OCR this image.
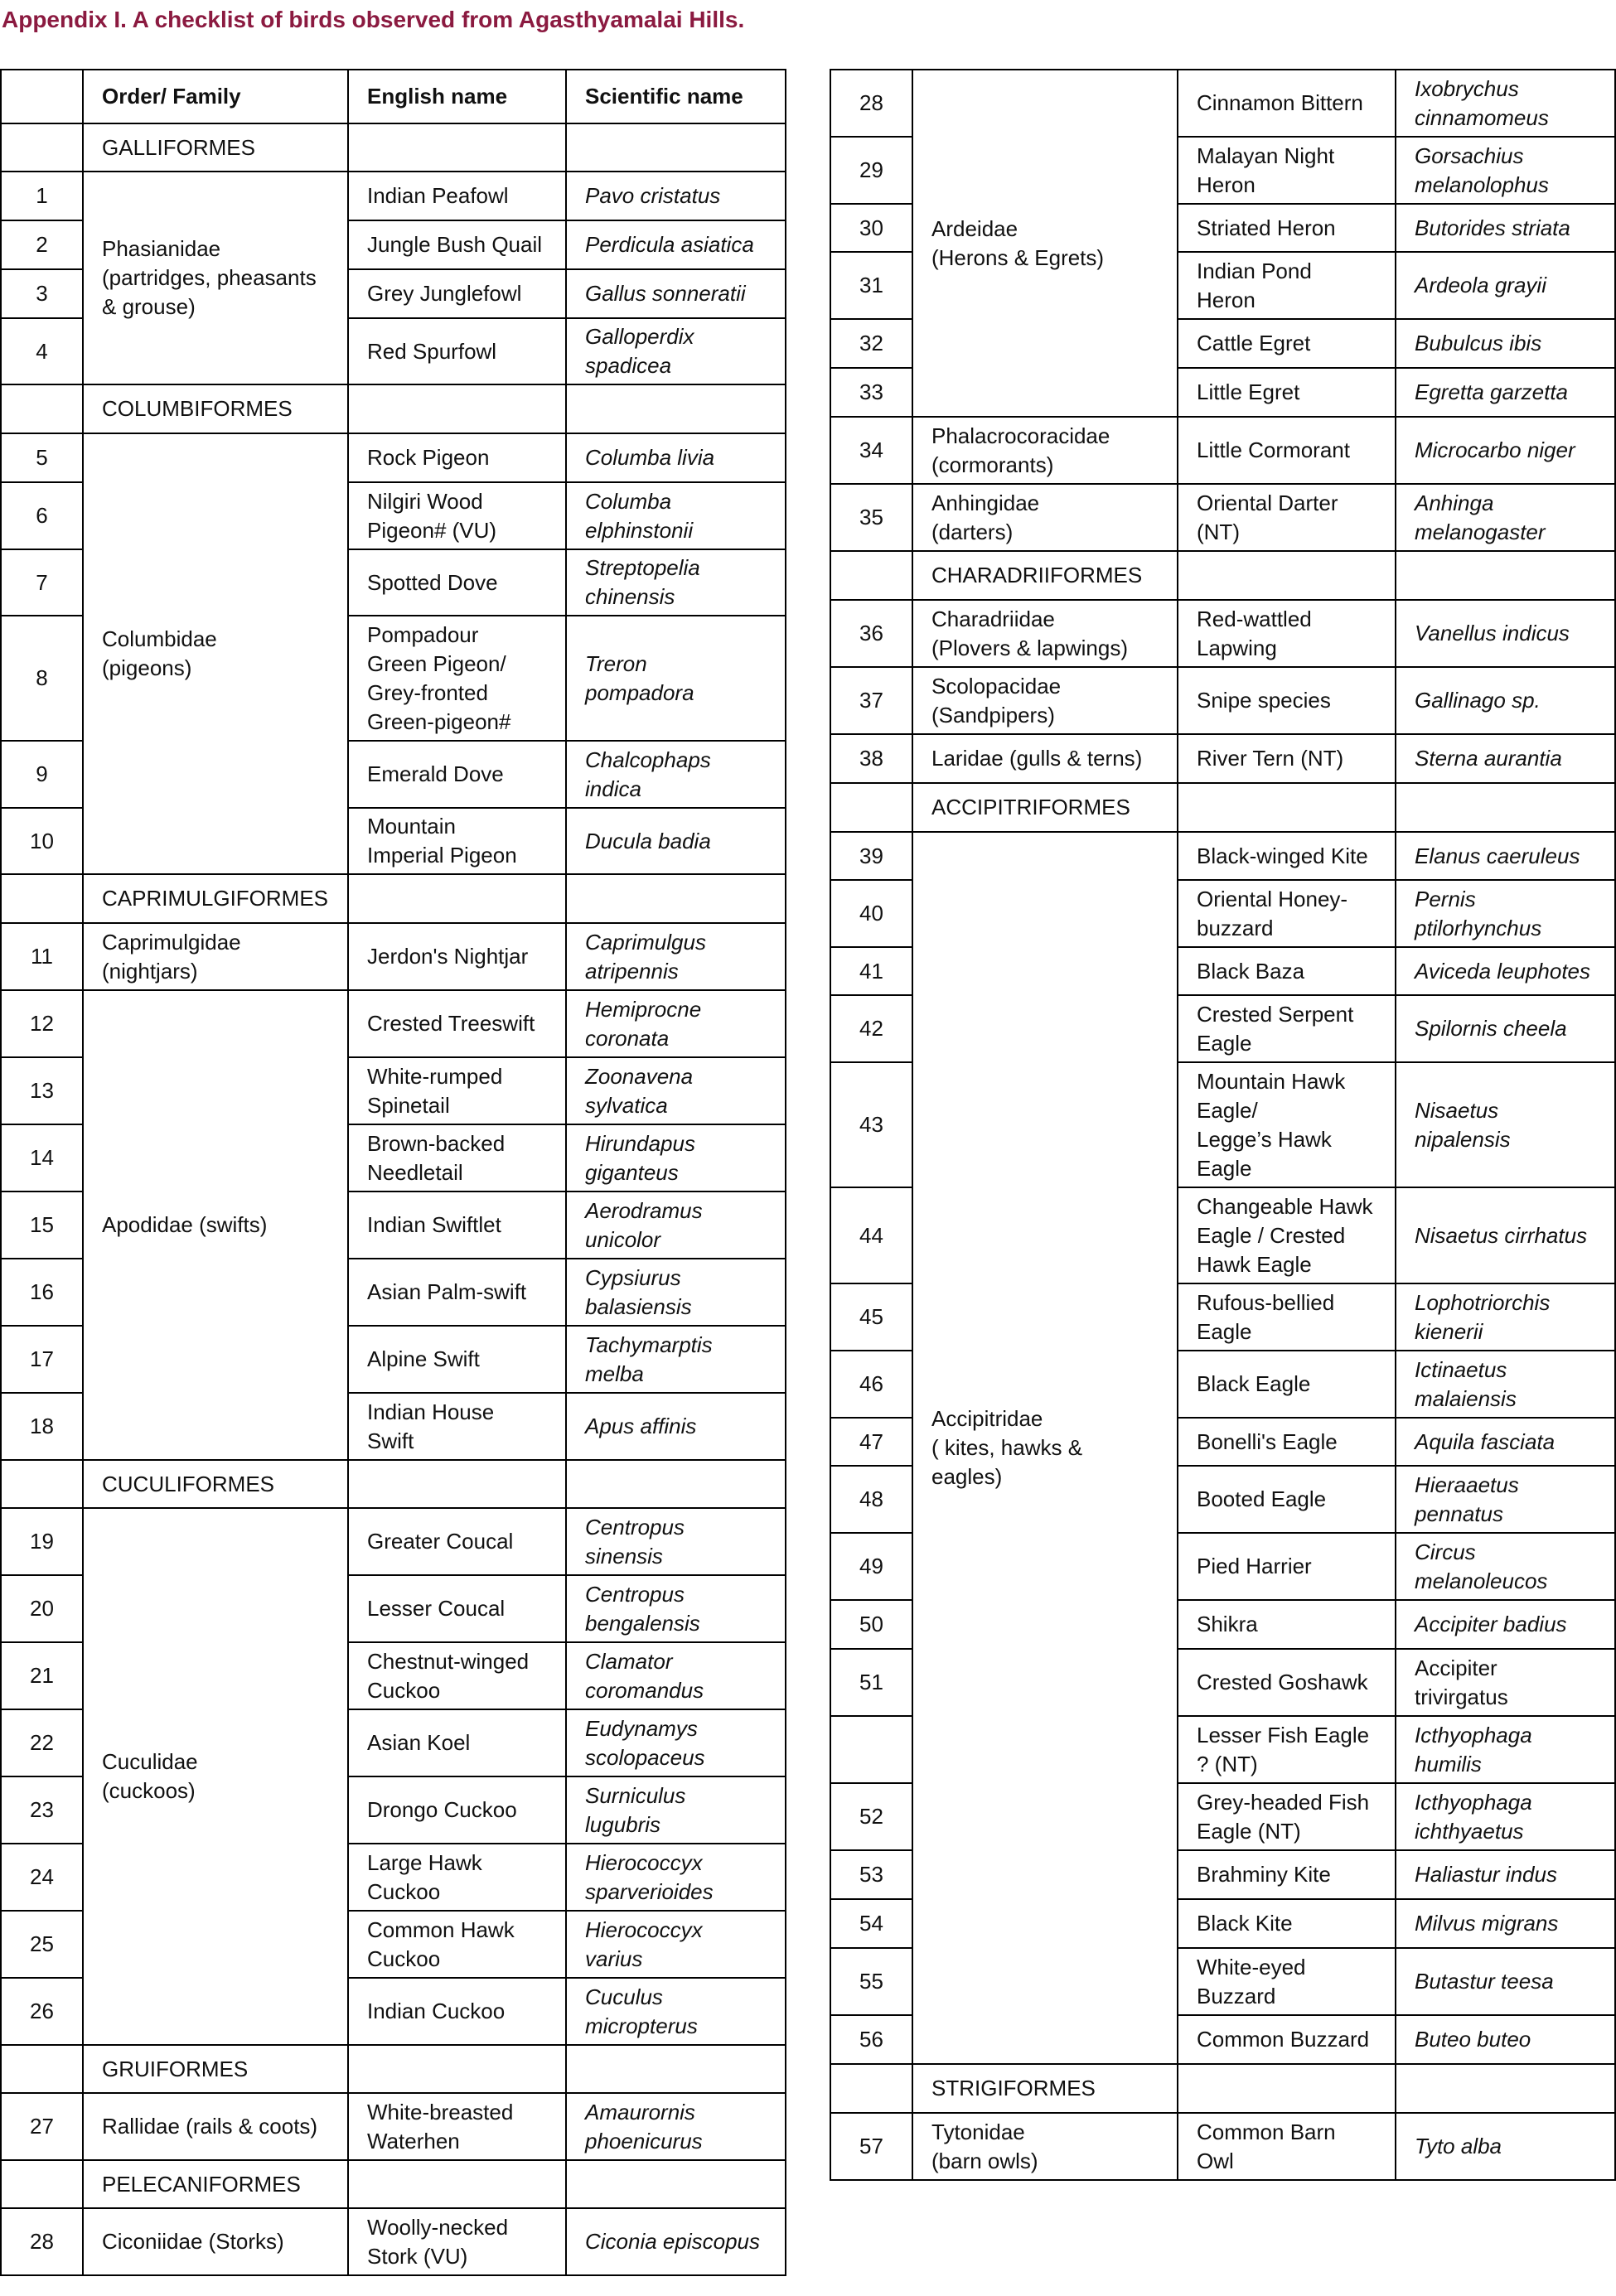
Appendix I. A checklist of birds observed from Agasthyamalai Hills.
	Order/ Family	English name	Scientific name
	GALLIFORMES		
1	Phasianidae
(partridges, pheasants
& grouse)	Indian Peafowl	Pavo cristatus
2		Jungle Bush Quail	Perdicula asiatica
3		Grey Junglefowl	Gallus sonneratii
4		Red Spurfowl	Galloperdix
spadicea
	COLUMBIFORMES		
5	Columbidae
(pigeons)	Rock Pigeon	Columba livia
6		Nilgiri Wood
Pigeon# (VU)	Columba
elphinstonii
7		Spotted Dove	Streptopelia
chinensis
8		Pompadour
Green Pigeon/
Grey-fronted
Green-pigeon#	Treron
pompadora
9		Emerald Dove	Chalcophaps
indica
10		Mountain
Imperial Pigeon	Ducula badia
	CAPRIMULGIFORMES		
11	Caprimulgidae
(nightjars)	Jerdon's Nightjar	Caprimulgus
atripennis
12	Apodidae (swifts)	Crested Treeswift	Hemiprocne
coronata
13		White-rumped
Spinetail	Zoonavena
sylvatica
14		Brown-backed
Needletail	Hirundapus
giganteus
15		Indian Swiftlet	Aerodramus
unicolor
16		Asian Palm-swift	Cypsiurus
balasiensis
17		Alpine Swift	Tachymarptis
melba
18		Indian House
Swift	Apus affinis
	CUCULIFORMES		
19	Cuculidae
(cuckoos)	Greater Coucal	Centropus
sinensis
20		Lesser Coucal	Centropus
bengalensis
21		Chestnut-winged
Cuckoo	Clamator
coromandus
22		Asian Koel	Eudynamys
scolopaceus
23		Drongo Cuckoo	Surniculus
lugubris
24		Large Hawk
Cuckoo	Hierococcyx
sparverioides
25		Common Hawk
Cuckoo	Hierococcyx
varius
26		Indian Cuckoo	Cuculus
micropterus
	GRUIFORMES		
27	Rallidae (rails & coots)	White-breasted
Waterhen	Amaurornis
phoenicurus
	PELECANIFORMES		
28	Ciconiidae (Storks)	Woolly-necked
Stork (VU)	Ciconia episcopus
28	Ardeidae
(Herons & Egrets)	Cinnamon Bittern	Ixobrychus
cinnamomeus
29		Malayan Night
Heron	Gorsachius
melanolophus
30		Striated Heron	Butorides striata
31		Indian Pond
Heron	Ardeola grayii
32		Cattle Egret	Bubulcus ibis
33		Little Egret	Egretta garzetta
34	Phalacrocoracidae
(cormorants)	Little Cormorant	Microcarbo niger
35	Anhingidae
(darters)	Oriental Darter
(NT)	Anhinga
melanogaster
	CHARADRIIFORMES		
36	Charadriidae
(Plovers & lapwings)	Red-wattled
Lapwing	Vanellus indicus
37	Scolopacidae
(Sandpipers)	Snipe species	Gallinago sp.
38	Laridae (gulls & terns)	River Tern (NT)	Sterna aurantia
	ACCIPITRIFORMES		
39	Accipitridae
( kites, hawks &
eagles)	Black-winged Kite	Elanus caeruleus
40		Oriental Honey-
buzzard	Pernis
ptilorhynchus
41		Black Baza	Aviceda leuphotes
42		Crested Serpent
Eagle	Spilornis cheela
43		Mountain Hawk
Eagle/
Legge’s Hawk
Eagle	Nisaetus
nipalensis
44		Changeable Hawk
Eagle / Crested
Hawk Eagle	Nisaetus cirrhatus
45		Rufous-bellied
Eagle	Lophotriorchis
kienerii
46		Black Eagle	Ictinaetus
malaiensis
47		Bonelli's Eagle	Aquila fasciata
48		Booted Eagle	Hieraaetus
pennatus
49		Pied Harrier	Circus
melanoleucos
50		Shikra	Accipiter badius
51		Crested Goshawk	Accipiter
trivirgatus
		Lesser Fish Eagle
? (NT)	Icthyophaga
humilis
52		Grey-headed Fish
Eagle (NT)	Icthyophaga
ichthyaetus
53		Brahminy Kite	Haliastur indus
54		Black Kite	Milvus migrans
55		White-eyed
Buzzard	Butastur teesa
56		Common Buzzard	Buteo buteo
	STRIGIFORMES		
57	Tytonidae
(barn owls)	Common Barn
Owl	Tyto alba
